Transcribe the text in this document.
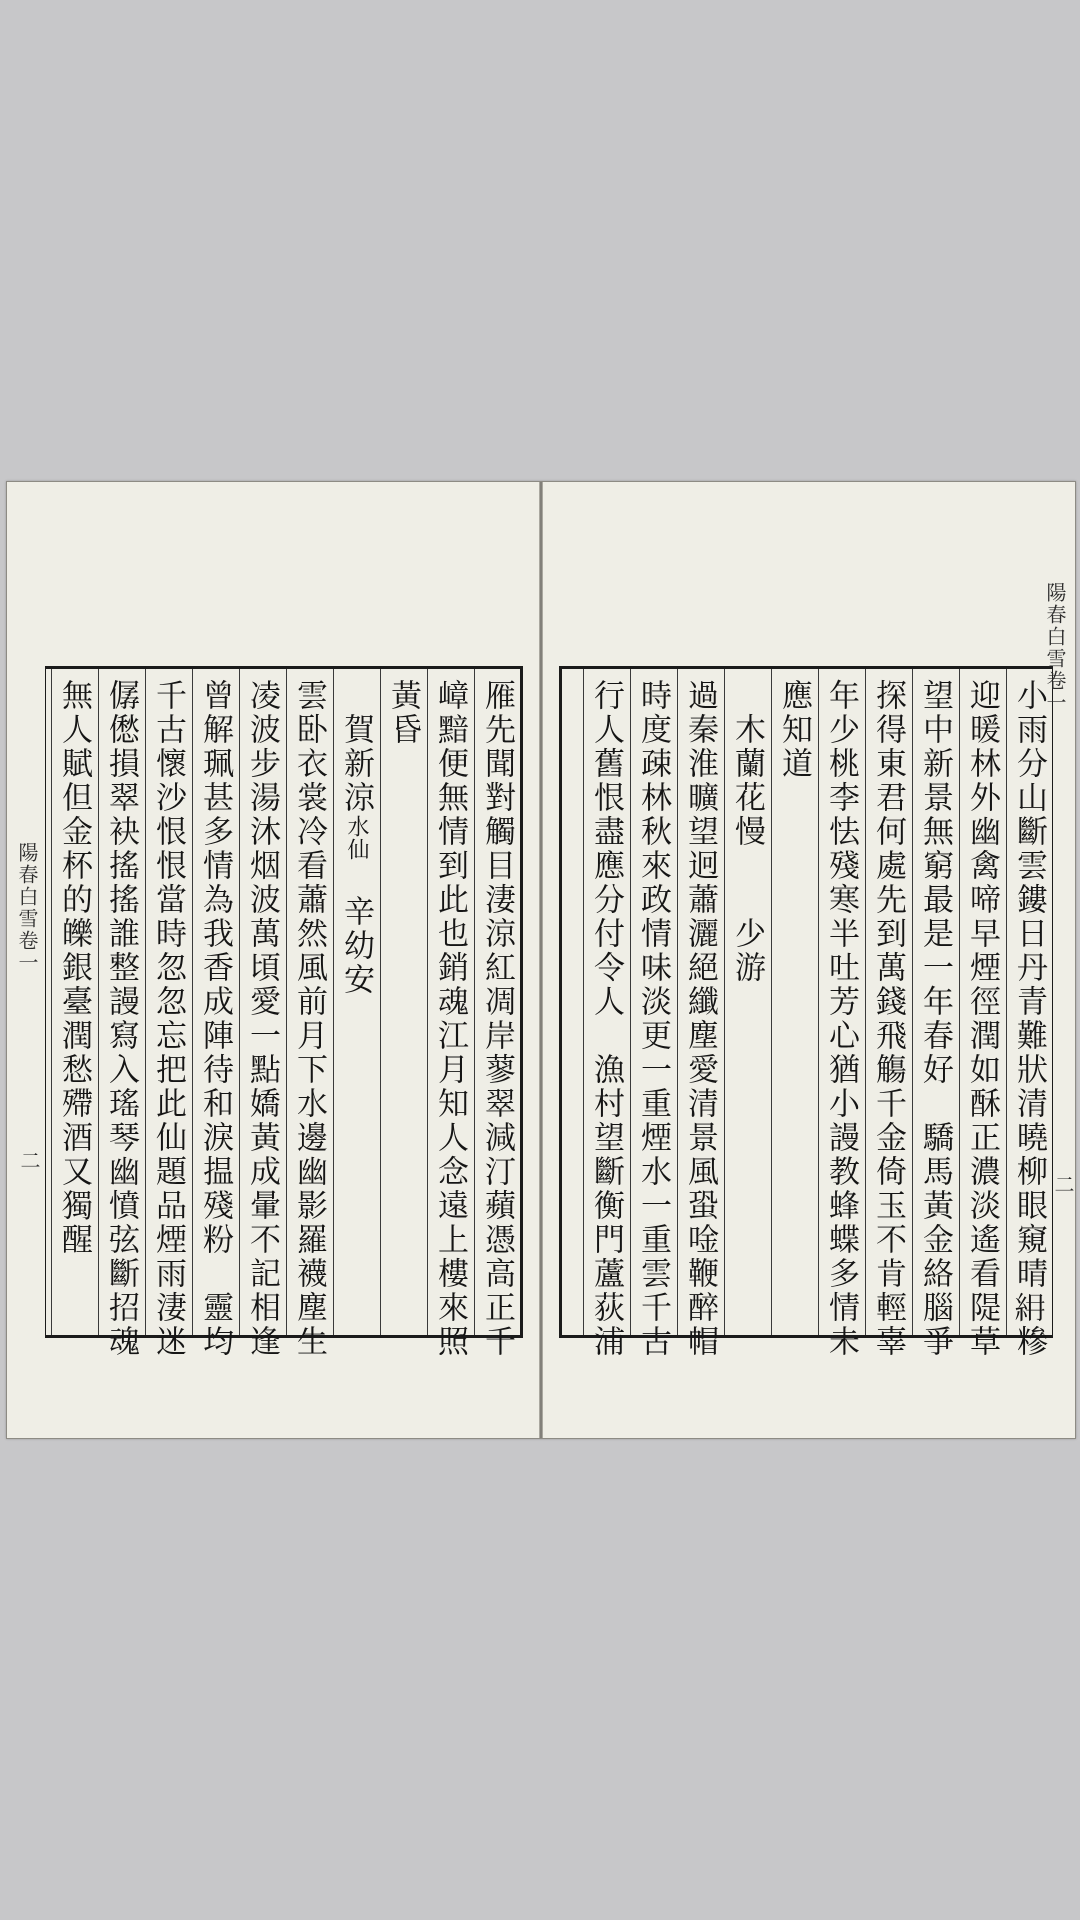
陽春白雪卷一
二	雁先聞對觸目淒涼紅凋岸蓼翠減汀蘋憑高正千
嶂黯便無情到此也銷魂江月知人念遠上樓來照
黃昏
賀新涼水仙辛幼安
雲卧衣裳冷看蕭然風前月下水邊幽影羅襪塵生
凌波步湯沐烟波萬頃愛一點嬌黃成暈不記相逢
曾解珮甚多情為我香成陣待和淚揾殘粉靈均
千古懷沙恨恨當時忽忽忘把此仙題品煙雨淒迷
僝僽損翠袂搖搖誰整謾寫入瑤琴幽憤弦斷招魂
無人賦但金杯的皪銀臺潤愁殢酒又獨醒	小雨分山斷雲鏤日丹青難狀清曉柳眼窺晴𥾢糝
迎暖林外幽禽啼早煙徑潤如酥正濃淡遙看隄草
望中新景無窮最是一年春好驕馬黃金絡腦爭
探得東君何處先到萬錢飛觴千金倚玉不肯輕辜
年少桃李怯殘寒半吐芳心猶小謾教蜂蝶多情未
應知道
木蘭花慢少游
過秦淮曠望迥蕭灑絕纖塵愛清景風蛩唫鞭醉帽
時度疎林秋來政情味淡更一重煙水一重雲千古
行人舊恨盡應分付令人漁村望斷衡門蘆荻浦
陽春白雪卷一
二
